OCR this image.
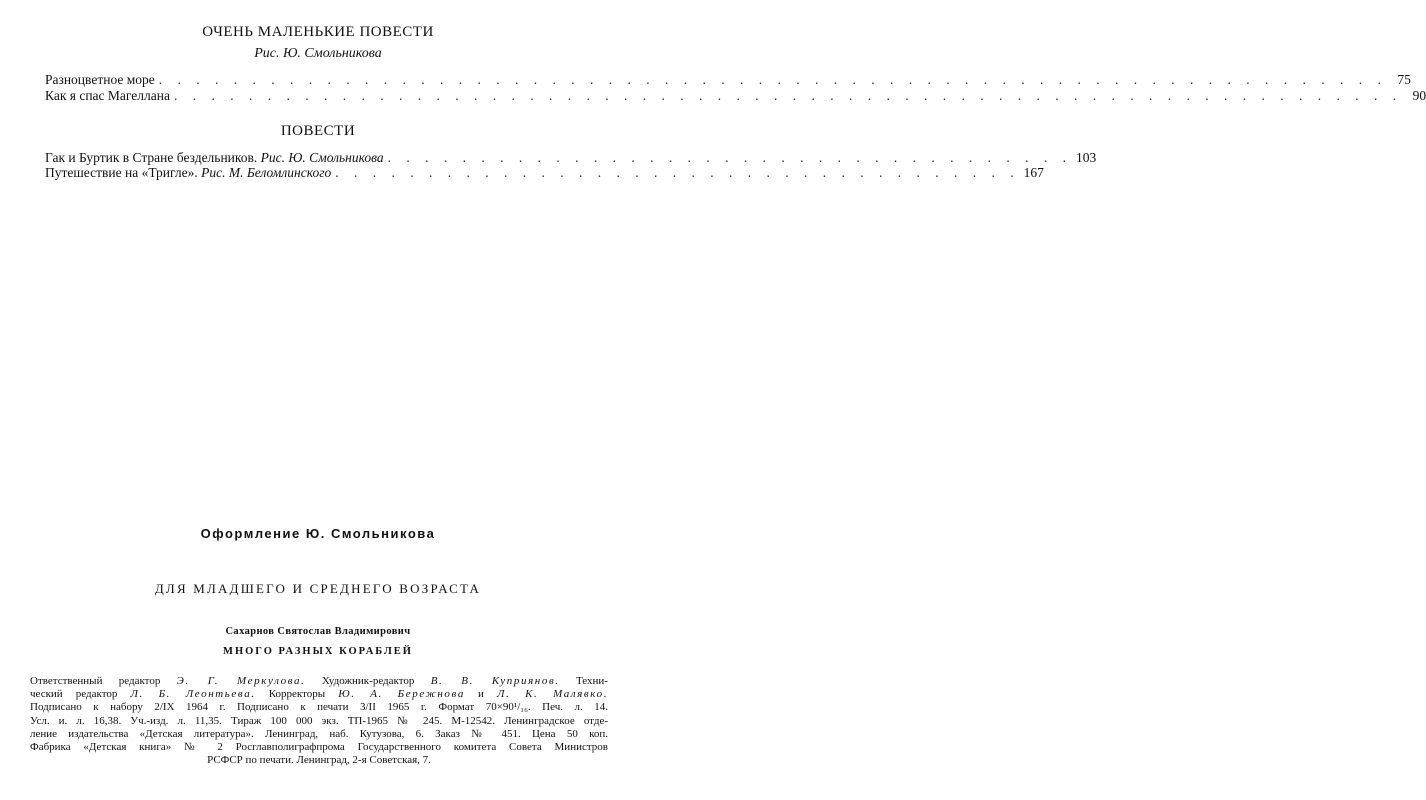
ОЧЕНЬ МАЛЕНЬКИЕ ПОВЕСТИ
Рис. Ю. Смольникова
Разноцветное море . . . . . . . . . . . . . . . . . . . . . . . . . . . . . . . . . . . . . . . . . . . . . . . . . . . . . . . . . . . . . . . . . . 75
Как я спас Магеллана . . . . . . . . . . . . . . . . . . . . . . . . . . . . . . . . . . . . . . . . . . . . . . . . . . . . . . . . . . . . . . . . . . 90
ПОВЕСТИ
Гак и Буртик в Стране бездельников. Рис. Ю. Смольникова . . . . . . . . . . . . . . . . . . . . . . . . . . . . . . . . . . . . . 103
Путешествие на «Тригле». Рис. М. Беломлинского . . . . . . . . . . . . . . . . . . . . . . . . . . . . . . . . . . . . . 167
Оформление Ю. Смольникова
ДЛЯ МЛАДШЕГО И СРЕДНЕГО ВОЗРАСТА
Сахарнов Святослав Владимирович
МНОГО РАЗНЫХ КОРАБЛЕЙ
Ответственный редактор Э. Г. Меркулова. Художник-редактор В. В. Куприянов. Техни-
ческий редактор Л. Б. Леонтьева. Корректоры Ю. А. Бережнова и Л. К. Малявко.
Подписано к набору 2/IX 1964 г. Подписано к печати 3/II 1965 г. Формат 70×90¹/₁₆. Печ. л. 14.
Усл. и. л. 16,38. Уч.-изд. л. 11,35. Тираж 100 000 экз. ТП-1965 № 245. М-12542. Ленинградское отде-
ление издательства «Детская литература». Ленинград, наб. Кутузова, 6. Заказ № 451. Цена 50 коп.
Фабрика «Детская книга» № 2 Росглавполиграфпрома Государственного комитета Совета Министров
РСФСР по печати. Ленинград, 2-я Советская, 7.
